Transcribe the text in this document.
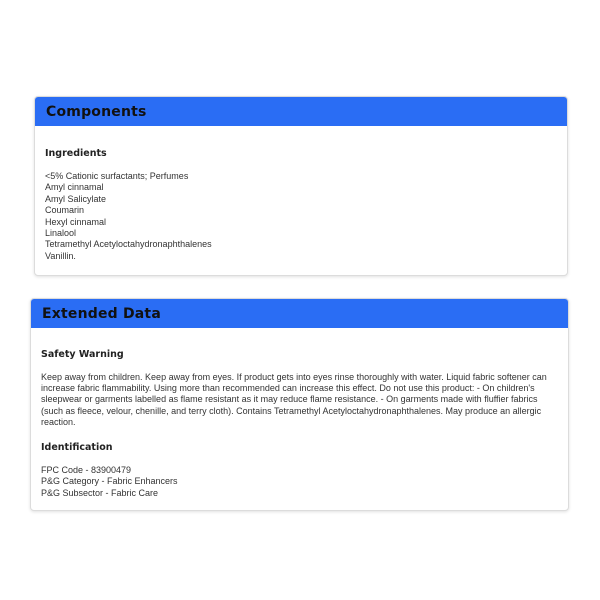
Components
Ingredients
<5% Cationic surfactants; Perfumes
Amyl cinnamal
Amyl Salicylate
Coumarin
Hexyl cinnamal
Linalool
Tetramethyl Acetyloctahydronaphthalenes
Vanillin.
Extended Data
Safety Warning

Keep away from children. Keep away from eyes. If product gets into eyes rinse thoroughly with water. Liquid fabric softener can increase fabric flammability. Using more than recommended can increase this effect. Do not use this product: - On children's sleepwear or garments labelled as flame resistant as it may reduce flame resistance. - On garments made with fluffier fabrics (such as fleece, velour, chenille, and terry cloth). Contains Tetramethyl Acetyloctahydronaphthalenes. May produce an allergic reaction.

Identification
FPC Code - 83900479
P&G Category - Fabric Enhancers
P&G Subsector - Fabric Care
